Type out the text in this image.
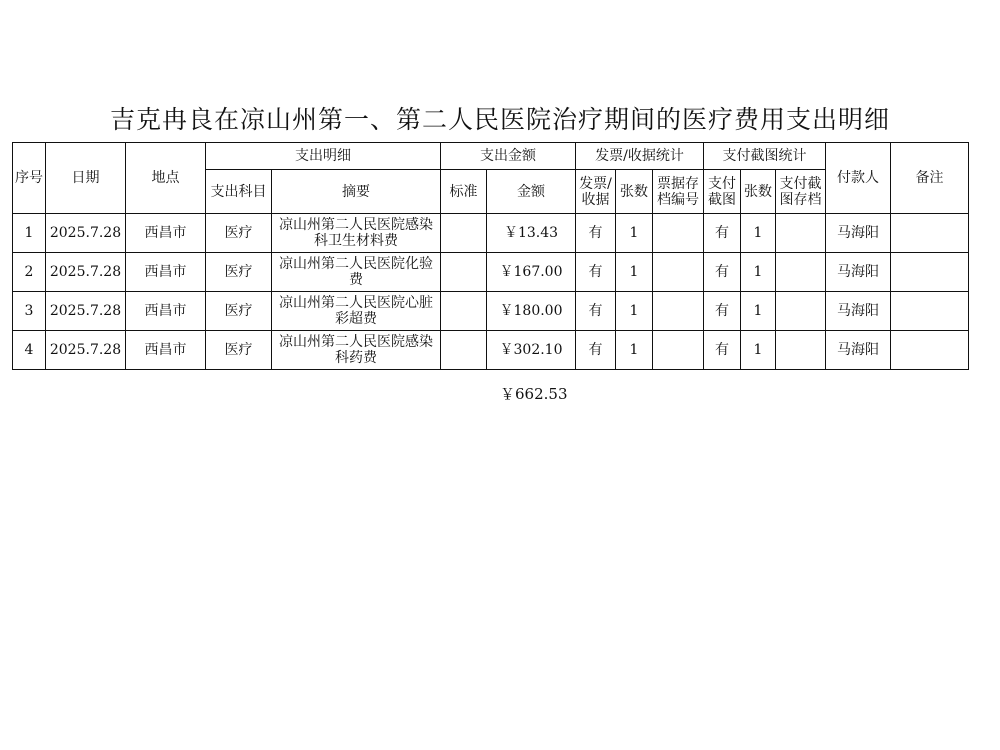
吉克冉良在凉山州第一、第二人民医院治疗期间的医疗费用支出明细
序号	日期	地点	支出明细		支出金额		发票/收据统计			支付截图统计			付款人	备注
			支出科目	摘要	标准	金额	发票/收据	张数	票据存档编号	支付截图	张数	支付截图存档		
1	2025.7.28	西昌市	医疗	凉山州第二人民医院感染科卫生材料费		￥13.43	有	1		有	1		马海阳	
2	2025.7.28	西昌市	医疗	凉山州第二人民医院化验费		￥167.00	有	1		有	1		马海阳	
3	2025.7.28	西昌市	医疗	凉山州第二人民医院心脏彩超费		￥180.00	有	1		有	1		马海阳	
4	2025.7.28	西昌市	医疗	凉山州第二人民医院感染科药费		￥302.10	有	1		有	1		马海阳	
￥662.53
